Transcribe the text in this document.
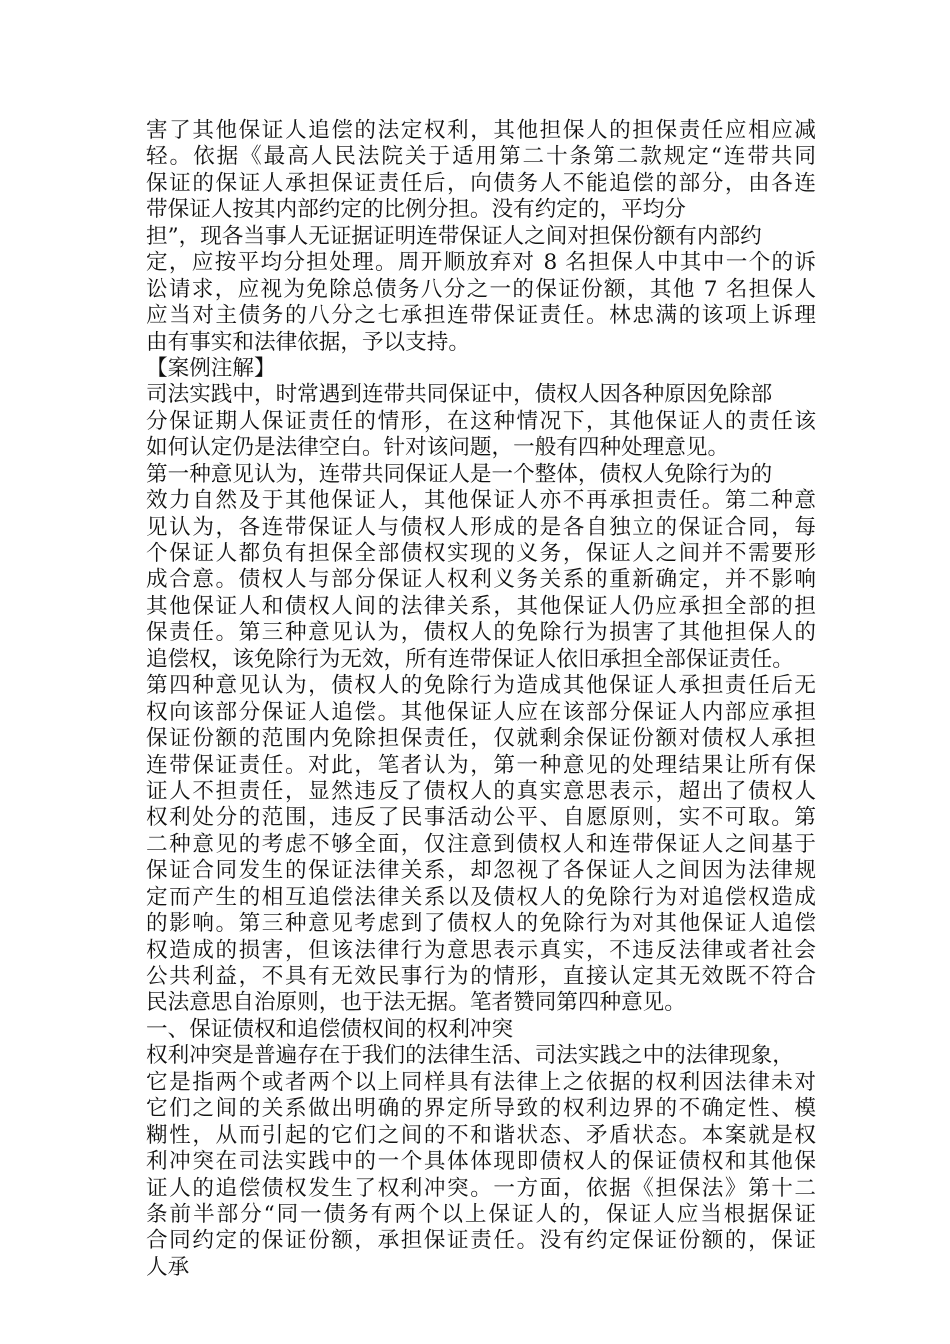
害了其他保证人追偿的法定权利，其他担保人的担保责任应相应减
轻。依据《最高人民法院关于适用第二十条第二款规定“连带共同
保证的保证人承担保证责任后，向债务人不能追偿的部分，由各连
带保证人按其内部约定的比例分担。没有约定的，平均分
担”，现各当事人无证据证明连带保证人之间对担保份额有内部约
定，应按平均分担处理。周开顺放弃对 8 名担保人中其中一个的诉
讼请求，应视为免除总债务八分之一的保证份额，其他 7 名担保人
应当对主债务的八分之七承担连带保证责任。林忠满的该项上诉理
由有事实和法律依据，予以支持。
【案例注解】
司法实践中，时常遇到连带共同保证中，债权人因各种原因免除部
分保证期人保证责任的情形，在这种情况下，其他保证人的责任该
如何认定仍是法律空白。针对该问题，一般有四种处理意见。
第一种意见认为，连带共同保证人是一个整体，债权人免除行为的
效力自然及于其他保证人，其他保证人亦不再承担责任。第二种意
见认为，各连带保证人与债权人形成的是各自独立的保证合同，每
个保证人都负有担保全部债权实现的义务，保证人之间并不需要形
成合意。债权人与部分保证人权利义务关系的重新确定，并不影响
其他保证人和债权人间的法律关系，其他保证人仍应承担全部的担
保责任。第三种意见认为，债权人的免除行为损害了其他担保人的
追偿权，该免除行为无效，所有连带保证人依旧承担全部保证责任。
第四种意见认为，债权人的免除行为造成其他保证人承担责任后无
权向该部分保证人追偿。其他保证人应在该部分保证人内部应承担
保证份额的范围内免除担保责任，仅就剩余保证份额对债权人承担
连带保证责任。对此，笔者认为，第一种意见的处理结果让所有保
证人不担责任，显然违反了债权人的真实意思表示，超出了债权人
权利处分的范围，违反了民事活动公平、自愿原则，实不可取。第
二种意见的考虑不够全面，仅注意到债权人和连带保证人之间基于
保证合同发生的保证法律关系，却忽视了各保证人之间因为法律规
定而产生的相互追偿法律关系以及债权人的免除行为对追偿权造成
的影响。第三种意见考虑到了债权人的免除行为对其他保证人追偿
权造成的损害，但该法律行为意思表示真实，不违反法律或者社会
公共利益，不具有无效民事行为的情形，直接认定其无效既不符合
民法意思自治原则，也于法无据。笔者赞同第四种意见。
一、保证债权和追偿债权间的权利冲突
权利冲突是普遍存在于我们的法律生活、司法实践之中的法律现象，
它是指两个或者两个以上同样具有法律上之依据的权利因法律未对
它们之间的关系做出明确的界定所导致的权利边界的不确定性、模
糊性，从而引起的它们之间的不和谐状态、矛盾状态。本案就是权
利冲突在司法实践中的一个具体体现即债权人的保证债权和其他保
证人的追偿债权发生了权利冲突。一方面，依据《担保法》第十二
条前半部分“同一债务有两个以上保证人的，保证人应当根据保证
合同约定的保证份额，承担保证责任。没有约定保证份额的，保证
人承
